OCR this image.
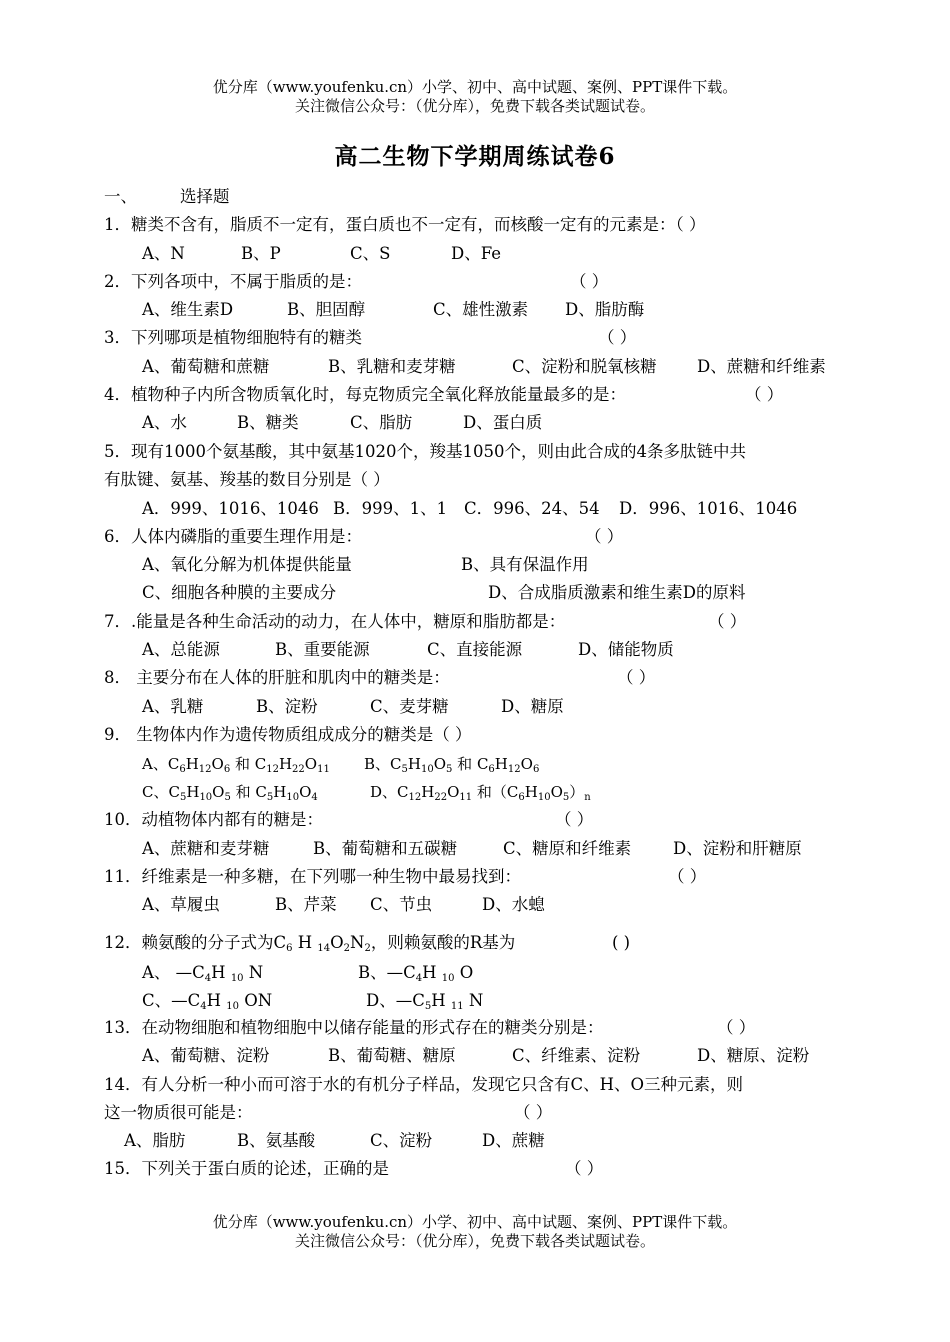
优分库（www.youfenku.cn）小学、初中、高中试题、案例、PPT课件下载。
关注微信公众号：（优分库），免费下载各类试题试卷。
高二生物下学期周练试卷6
一、	选择题
1．糖类不含有，脂质不一定有，蛋白质也不一定有，而核酸一定有的元素是：（ ）
A、N	B、P	C、S	D、Fe
2．下列各项中，不属于脂质的是：	（ ）
A、维生素D	B、胆固醇	C、雄性激素 D、脂肪酶
3．下列哪项是植物细胞特有的糖类	（ ）
A、葡萄糖和蔗糖	B、乳糖和麦芽糖	C、淀粉和脱氧核糖 D、蔗糖和纤维素
4．植物种子内所含物质氧化时，每克物质完全氧化释放能量最多的是：	（ ）
A、水	B、糖类	C、脂肪	D、蛋白质
5．现有1000个氨基酸，其中氨基1020个，羧基1050个，则由此合成的4条多肽链中共
有肽键、氨基、羧基的数目分别是（ ）
A．999、1016、1046 B．999、1、1 C．996、24、54 D．996、1016、1046
6．人体内磷脂的重要生理作用是：	（ ）
A、氧化分解为机体提供能量	B、具有保温作用
C、细胞各种膜的主要成分	D、合成脂质激素和维生素D的原料
7．.能量是各种生命活动的动力，在人体中，糖原和脂肪都是：	（ ）
A、总能源	B、重要能源	C、直接能源	D、储能物质
8． 主要分布在人体的肝脏和肌肉中的糖类是：	（ ）
A、乳糖	B、淀粉	C、麦芽糖	D、糖原
9． 生物体内作为遗传物质组成成分的糖类是（ ）
A、$C_6H_{12}O_6$ 和 $C_{12}H_{22}O_{11}$ B、$C_5H_{10}O_5$ 和 $C_6H_{12}O_6$
C、$C_5H_{10}O_5$ 和 $C_5H_{10}O_4$	D、$C_{12}H_{22}O_{11}$ 和$(C_6H_{10}O_5)_n$
10．动植物体内都有的糖是：	（ ）
A、蔗糖和麦芽糖	B、葡萄糖和五碳糖	C、糖原和纤维素	D、淀粉和肝糖原
11．纤维素是一种多糖，在下列哪一种生物中最易找到：	（ ）
A、草履虫	B、芹菜 C、节虫	D、水螅
12．赖氨酸的分子式为C6 H 14O2N2，则赖氨酸的R基为	( )
A、 —C4H 10 N	B、—C4H 10 O
C、—C4H 10 ON	D、—C5H 11 N
13．在动物细胞和植物细胞中以储存能量的形式存在的糖类分别是：	（ ）
A、葡萄糖、淀粉	B、葡萄糖、糖原	C、纤维素、淀粉	D、糖原、淀粉
14．有人分析一种小而可溶于水的有机分子样品，发现它只含有C、H、O三种元素，则
这一物质很可能是：	（ ）
A、脂肪	B、氨基酸	C、淀粉	D、蔗糖
15．下列关于蛋白质的论述，正确的是	（ ）
优分库（www.youfenku.cn）小学、初中、高中试题、案例、PPT课件下载。
关注微信公众号：（优分库），免费下载各类试题试卷。
